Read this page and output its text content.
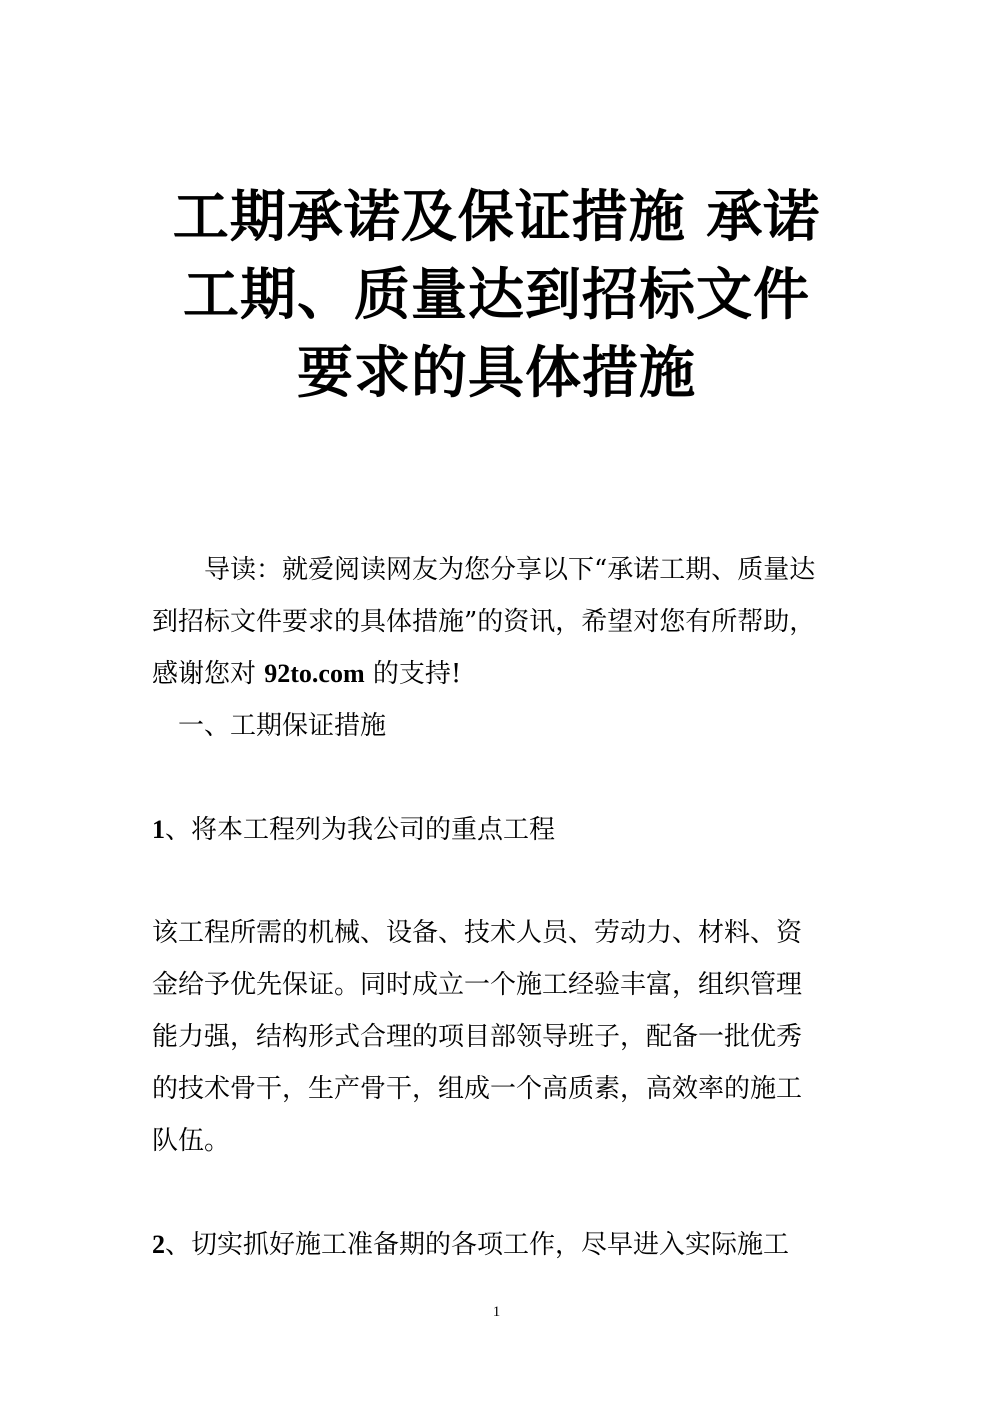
工期承诺及保证措施 承诺
工期、质量达到招标文件
要求的具体措施

导读：就爱阅读网友为您分享以下“承诺工期、质量达
到招标文件要求的具体措施”的资讯，希望对您有所帮助，
感谢您对 92to.com 的支持!

一、工期保证措施

1、将本工程列为我公司的重点工程

该工程所需的机械、设备、技术人员、劳动力、材料、资
金给予优先保证。同时成立一个施工经验丰富，组织管理
能力强，结构形式合理的项目部领导班子，配备一批优秀
的技术骨干，生产骨干，组成一个高质素，高效率的施工
队伍。

2、切实抓好施工准备期的各项工作，尽早进入实际施工

1
